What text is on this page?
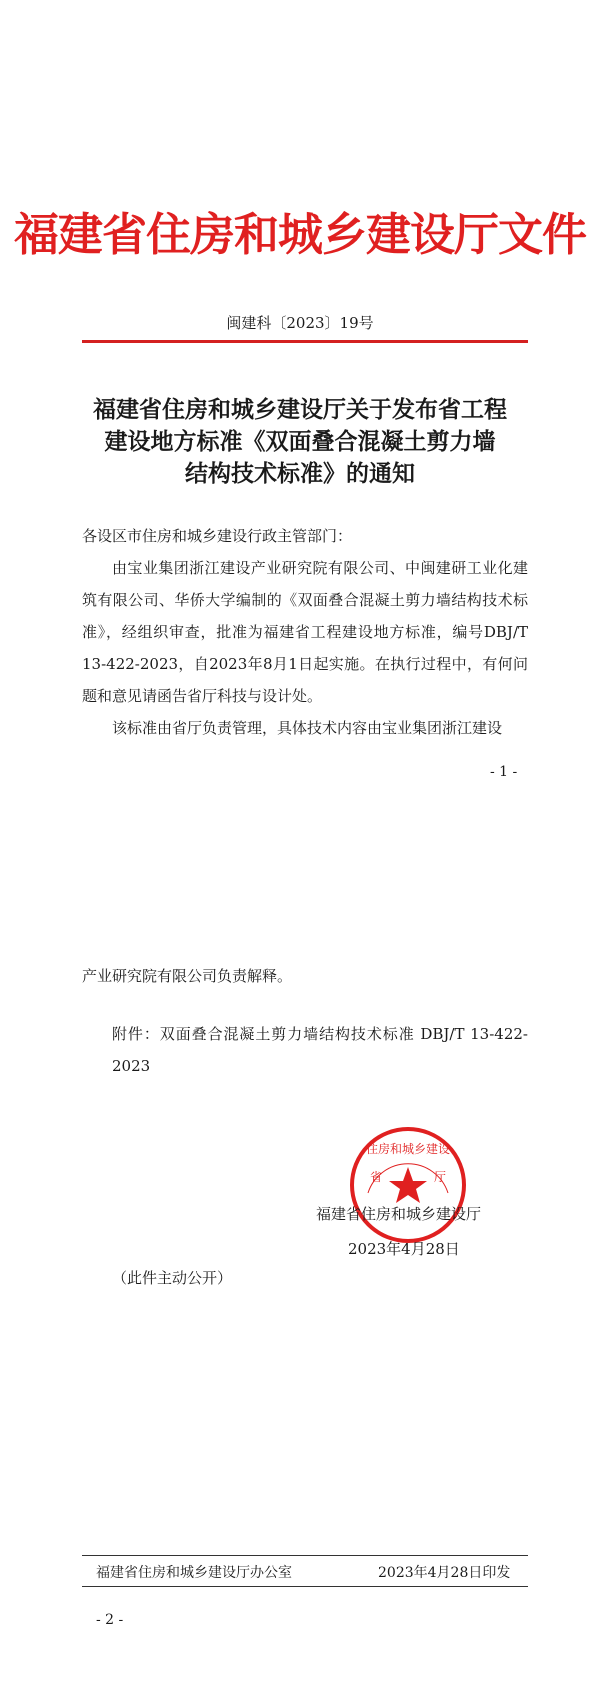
福建省住房和城乡建设厅文件
闽建科〔2023〕19号
福建省住房和城乡建设厅关于发布省工程
建设地方标准《双面叠合混凝土剪力墙
结构技术标准》的通知
各设区市住房和城乡建设行政主管部门：
由宝业集团浙江建设产业研究院有限公司、中闽建研工业化建筑有限公司、华侨大学编制的《双面叠合混凝土剪力墙结构技术标准》，经组织审查，批准为福建省工程建设地方标准，编号DBJ/T 13-422-2023，自2023年8月1日起实施。在执行过程中，有何问题和意见请函告省厅科技与设计处。
该标准由省厅负责管理，具体技术内容由宝业集团浙江建设
- 1 -
产业研究院有限公司负责解释。
附件：双面叠合混凝土剪力墙结构技术标准 DBJ/T 13-422-2023
住房和城乡建设
省	厅
福建省住房和城乡建设厅
2023年4月28日
（此件主动公开）
福建省住房和城乡建设厅办公室	2023年4月28日印发
- 2 -
